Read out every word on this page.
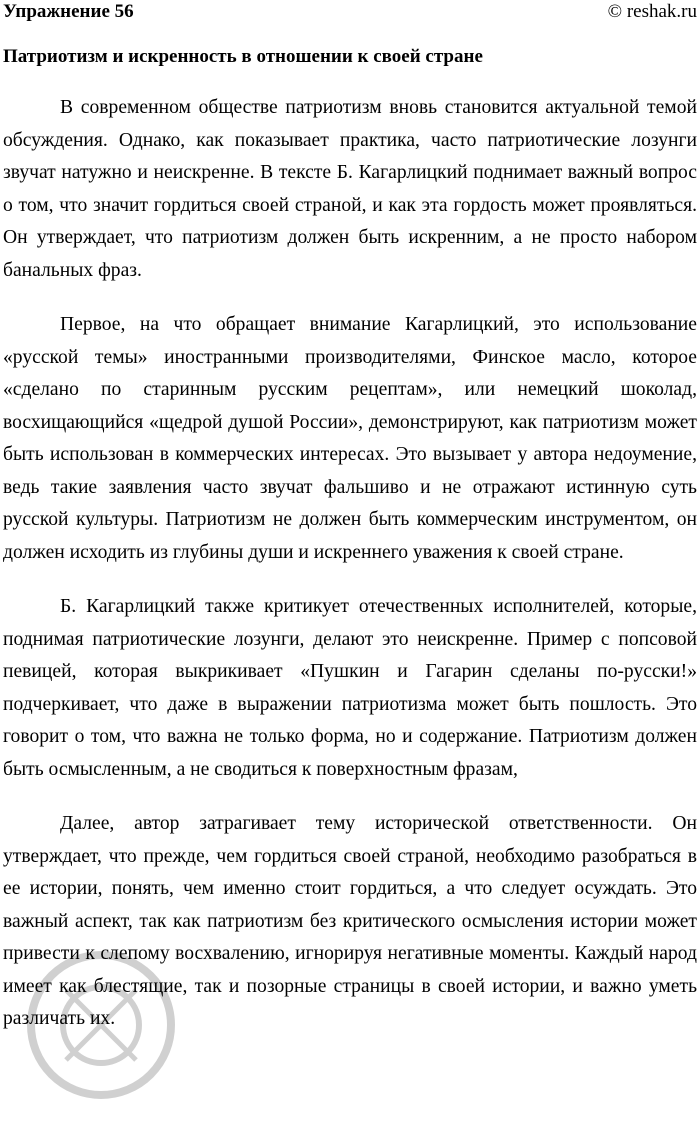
Упражнение 56	© reshak.ru
Патриотизм и искренность в отношении к своей стране

В современном обществе патриотизм вновь становится актуальной темой обсуждения. Однако, как показывает практика, часто патриотические лозунги звучат натужно и неискренне. В тексте Б. Кагарлицкий поднимает важный вопрос о том, что значит гордиться своей страной, и как эта гордость может проявляться. Он утверждает, что патриотизм должен быть искренним, а не просто набором банальных фраз.

Первое, на что обращает внимание Кагарлицкий, это использование «русской темы» иностранными производителями, Финское масло, которое «сделано по старинным русским рецептам», или немецкий шоколад, восхищающийся «щедрой душой России», демонстрируют, как патриотизм может быть использован в коммерческих интересах. Это вызывает у автора недоумение, ведь такие заявления часто звучат фальшиво и не отражают истинную суть русской культуры. Патриотизм не должен быть коммерческим инструментом, он должен исходить из глубины души и искреннего уважения к своей стране.

Б. Кагарлицкий также критикует отечественных исполнителей, которые, поднимая патриотические лозунги, делают это неискренне. Пример с попсовой певицей, которая выкрикивает «Пушкин и Гагарин сделаны по-русски!» подчеркивает, что даже в выражении патриотизма может быть пошлость. Это говорит о том, что важна не только форма, но и содержание. Патриотизм должен быть осмысленным, а не сводиться к поверхностным фразам,

Далее, автор затрагивает тему исторической ответственности. Он утверждает, что прежде, чем гордиться своей страной, необходимо разобраться в ее истории, понять, чем именно стоит гордиться, а что следует осуждать. Это важный аспект, так как патриотизм без критического осмысления истории может привести к слепому восхвалению, игнорируя негативные моменты. Каждый народ имеет как блестящие, так и позорные страницы в своей истории, и важно уметь различать их.
